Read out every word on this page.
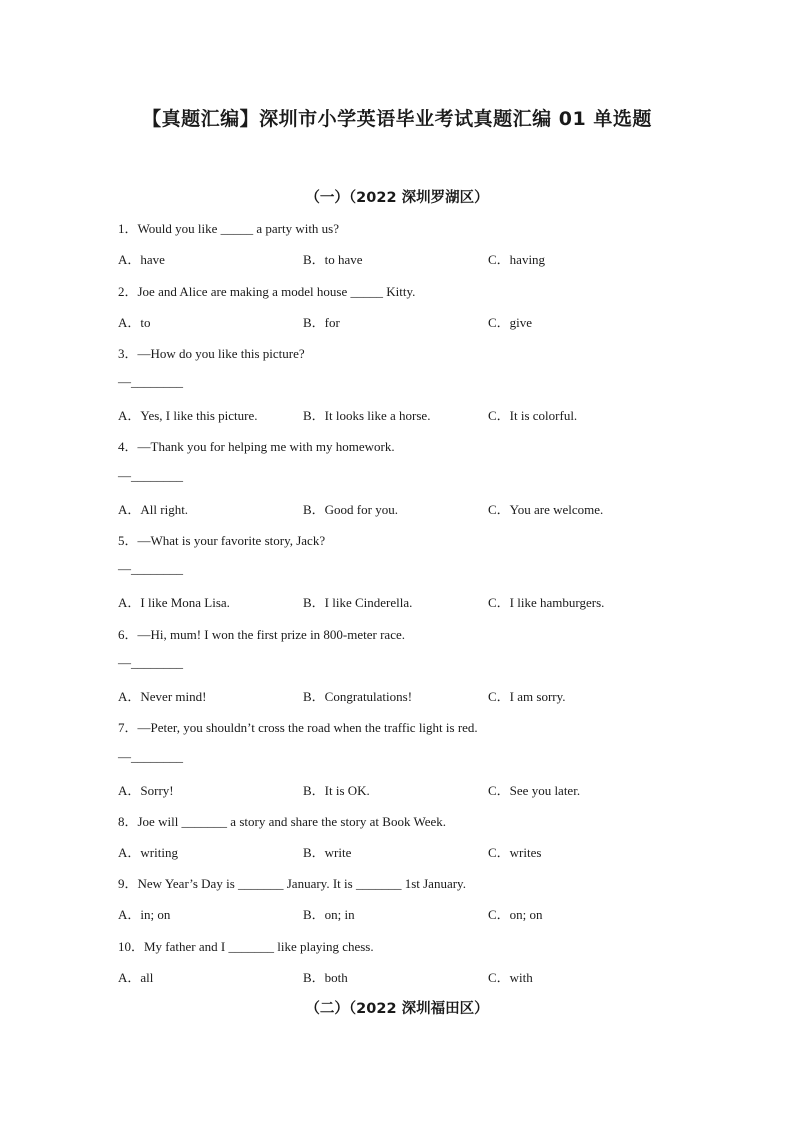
【真题汇编】深圳市小学英语毕业考试真题汇编 01 单选题
（一）（2022 深圳罗湖区）
1．Would you like _____ a party with us?
A．have	B．to have	C．having
2．Joe and Alice are making a model house _____ Kitty.
A．to	B．for	C．give
3．—How do you like this picture?
—________
A．Yes, I like this picture.	B．It looks like a horse.	C．It is colorful.
4．—Thank you for helping me with my homework.
—________
A．All right.	B．Good for you.	C．You are welcome.
5．—What is your favorite story, Jack?
—________
A．I like Mona Lisa.	B．I like Cinderella.	C．I like hamburgers.
6．—Hi, mum! I won the first prize in 800-meter race.
—________
A．Never mind!	B．Congratulations!	C．I am sorry.
7．—Peter, you shouldn’t cross the road when the traffic light is red.
—________
A．Sorry!	B．It is OK.	C．See you later.
8．Joe will _______ a story and share the story at Book Week.
A．writing	B．write	C．writes
9．New Year’s Day is _______ January. It is _______ 1st January.
A．in; on	B．on; in	C．on; on
10．My father and I _______ like playing chess.
A．all	B．both	C．with
（二）（2022 深圳福田区）
